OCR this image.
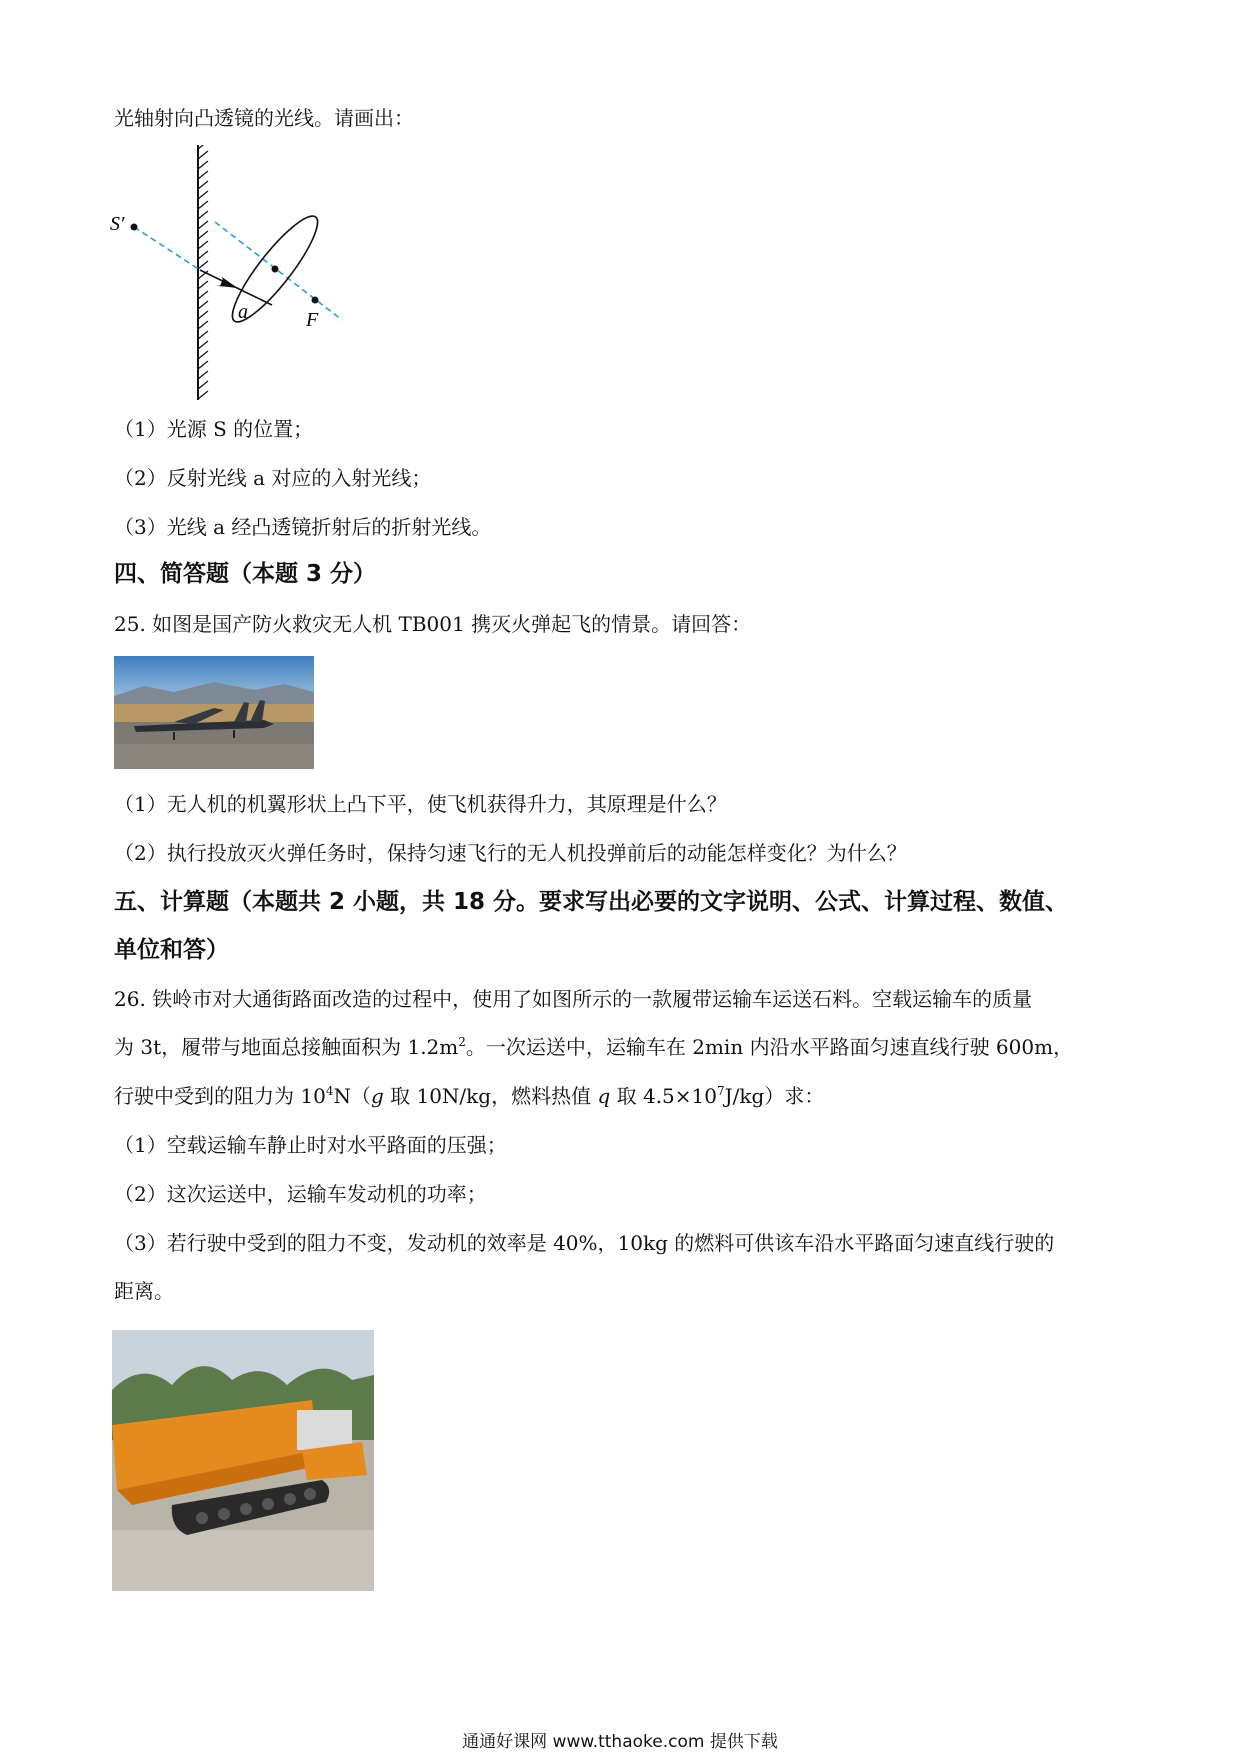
光轴射向凸透镜的光线。请画出：
S′
a	F
（1）光源 S 的位置；
（2）反射光线 a 对应的入射光线；
（3）光线 a 经凸透镜折射后的折射光线。
四、简答题（本题 3 分）
25. 如图是国产防火救灾无人机 TB001 携灭火弹起飞的情景。请回答：
（1）无人机的机翼形状上凸下平，使飞机获得升力，其原理是什么？
（2）执行投放灭火弹任务时，保持匀速飞行的无人机投弹前后的动能怎样变化？为什么？
五、计算题（本题共 2 小题，共 18 分。要求写出必要的文字说明、公式、计算过程、数值、
单位和答）
26. 铁岭市对大通街路面改造的过程中，使用了如图所示的一款履带运输车运送石料。空载运输车的质量
为 3t，履带与地面总接触面积为 $1.2m^2$。一次运送中，运输车在 2min 内沿水平路面匀速直线行驶 600m，
行驶中受到的阻力为 $10^4N(g$ 取 10N/kg，燃料热值 q 取 $4.5\times 10^7J/kg$）求：
（1）空载运输车静止时对水平路面的压强；
（2）这次运送中，运输车发动机的功率；
（3）若行驶中受到的阻力不变，发动机的效率是 40%，10kg 的燃料可供该车沿水平路面匀速直线行驶的
距离。
通通好课网 www.tthaoke.com 提供下载
